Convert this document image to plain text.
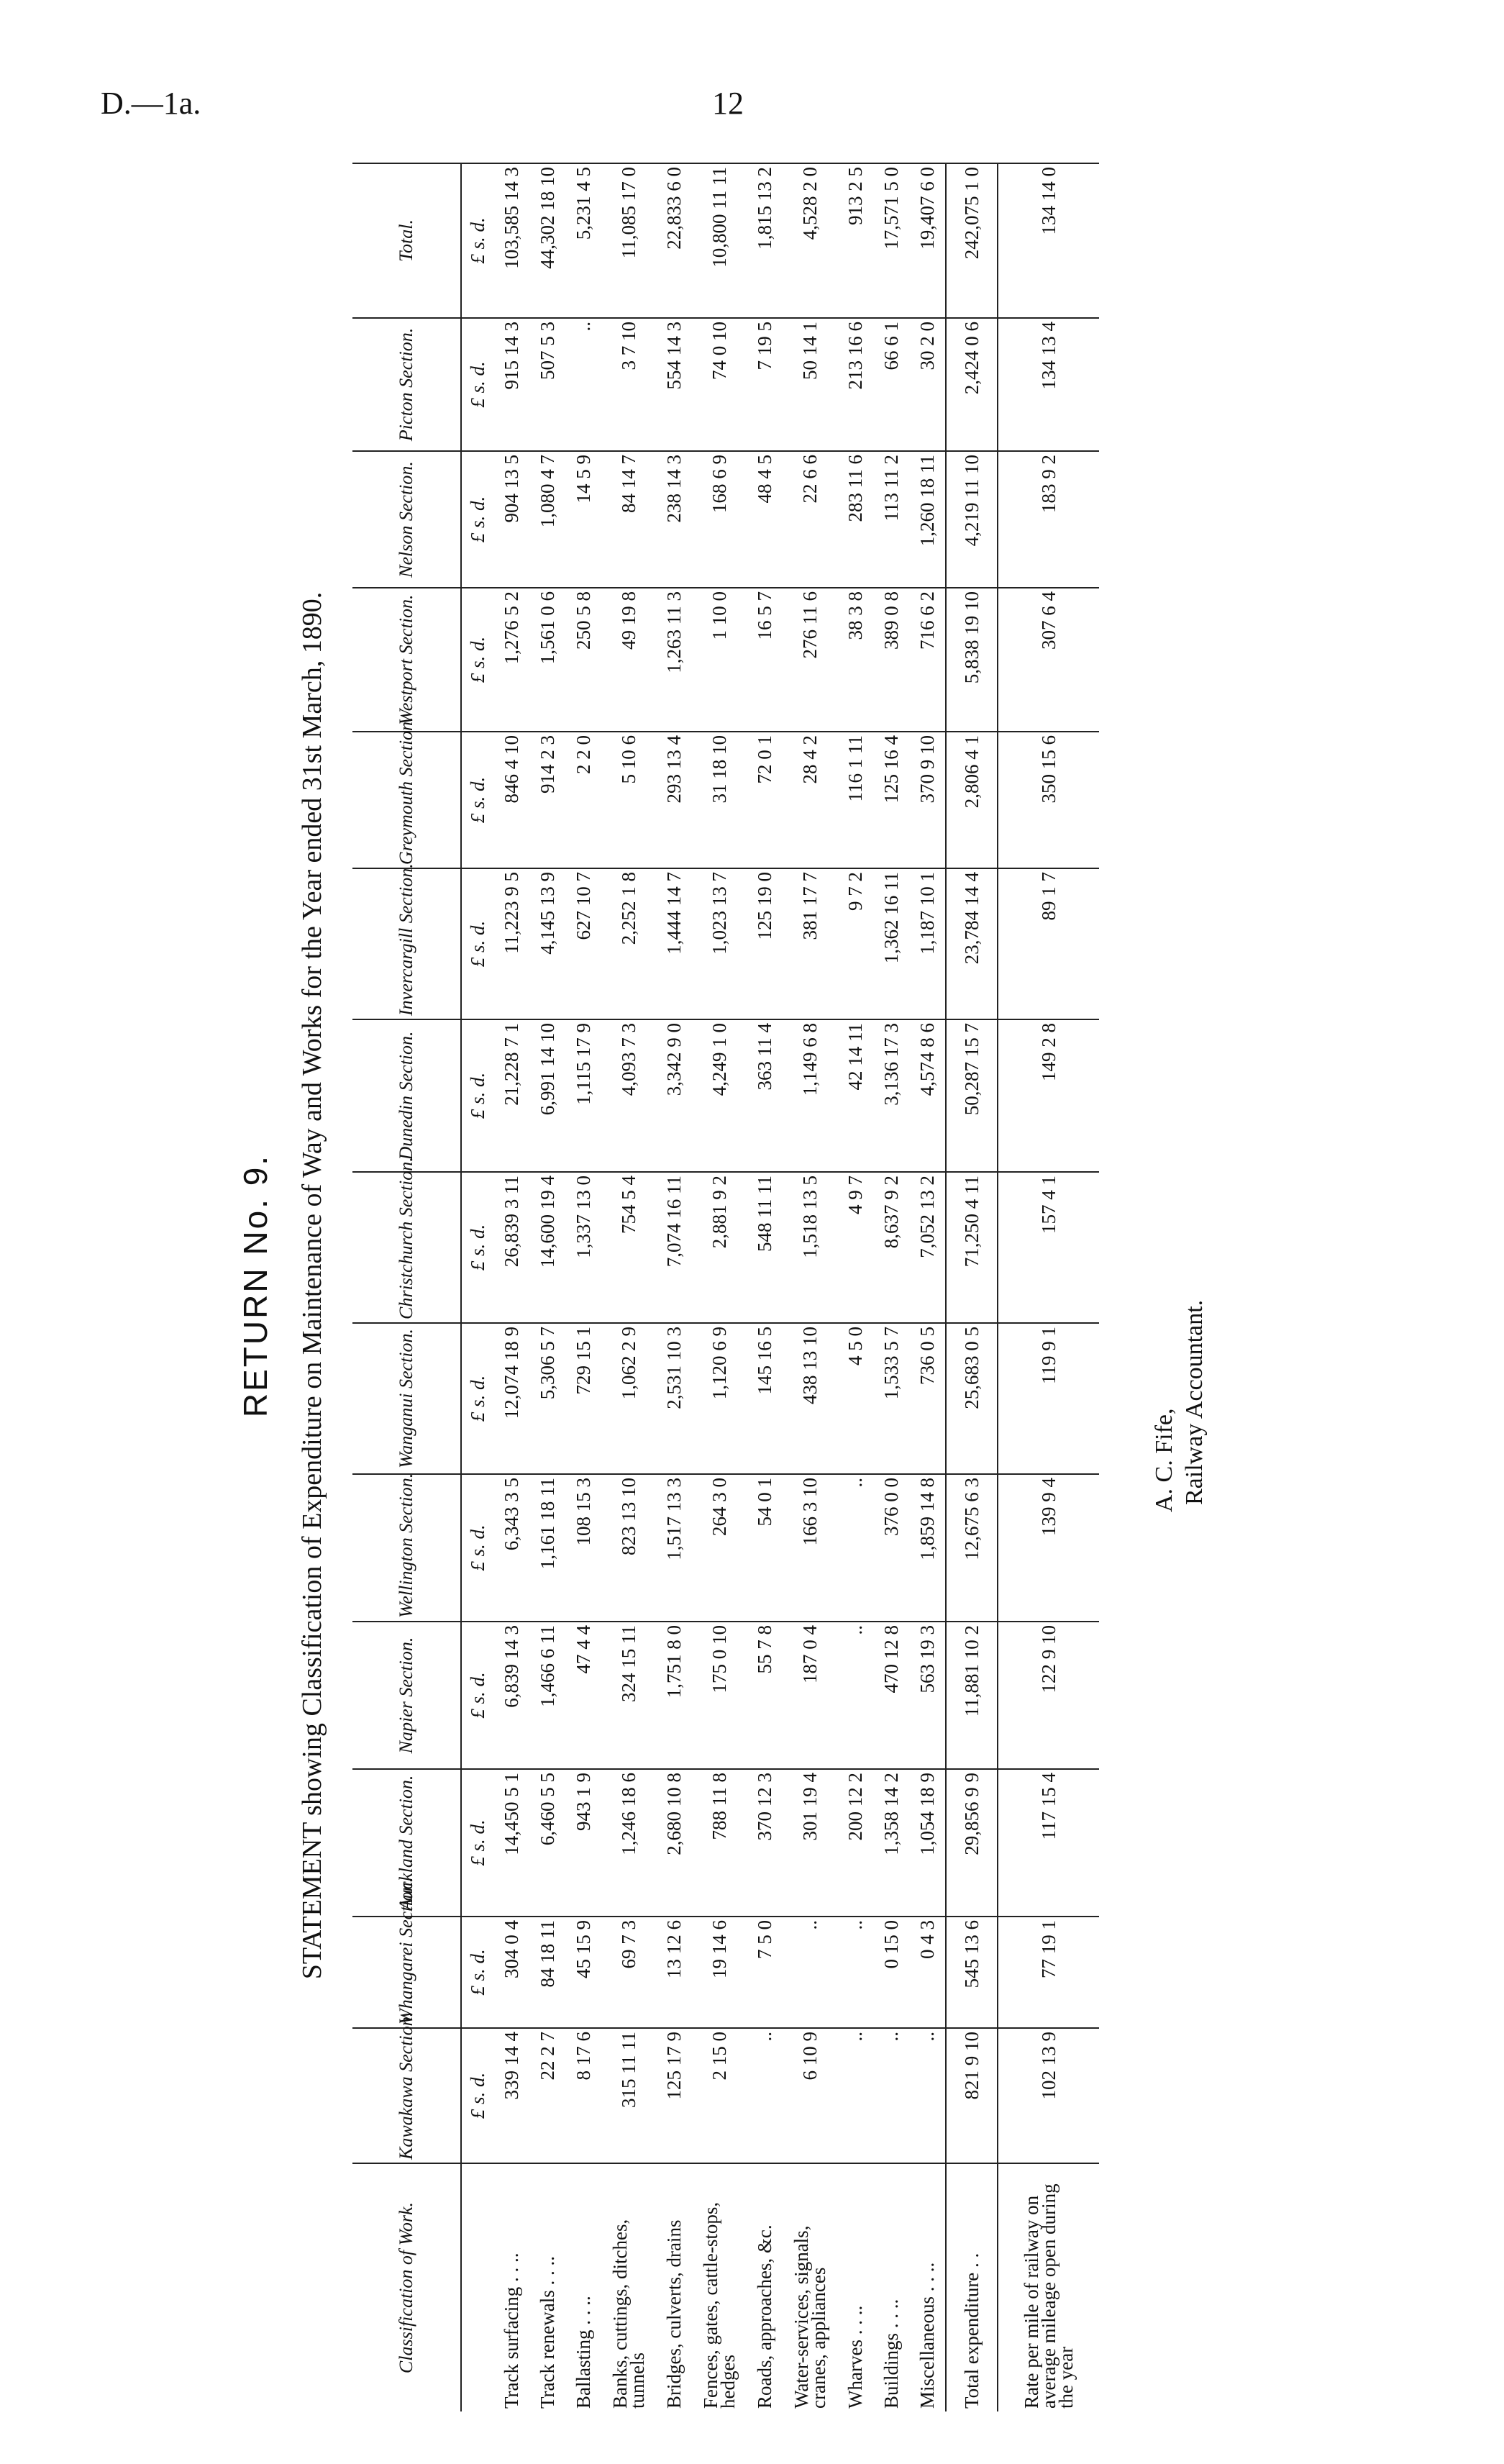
D.—1a.	12
RETURN No. 9. STATEMENT showing Classification of Expenditure on Maintenance of Way and Works for the Year ended 31st March, 1890.
Classification of Work.	Kawakawa Section.	Whangarei Section.	Auckland Section.	Napier Section.	Wellington Section.	Wanganui Section.	Christchurch Section.	Dunedin Section.	Invercargill Section.	Greymouth Section.	Westport Section.	Nelson Section.	Picton Section.	Total.
	£ s. d.	£ s. d.	£ s. d.	£ s. d.	£ s. d.	£ s. d.	£ s. d.	£ s. d.	£ s. d.	£ s. d.	£ s. d.	£ s. d.	£ s. d.	£ s. d.
Track surfacing . . ..	339 14 4	304 0 4	14,450 5 1	6,839 14 3	6,343 3 5	12,074 18 9	26,839 3 11	21,228 7 1	11,223 9 5	846 4 10	1,276 5 2	904 13 5	915 14 3	103,585 14 3
Track renewals . . ..	22 2 7	84 18 11	6,460 5 5	1,466 6 11	1,161 18 11	5,306 5 7	14,600 19 4	6,991 14 10	4,145 13 9	914 2 3	1,561 0 6	1,080 4 7	507 5 3	44,302 18 10
Ballasting . . ..	8 17 6	45 15 9	943 1 9	47 4 4	108 15 3	729 15 1	1,337 13 0	1,115 17 9	627 10 7	2 2 0	250 5 8	14 5 9	..	5,231 4 5
Banks, cuttings, ditches, tunnels	315 11 11	69 7 3	1,246 18 6	324 15 11	823 13 10	1,062 2 9	754 5 4	4,093 7 3	2,252 1 8	5 10 6	49 19 8	84 14 7	3 7 10	11,085 17 0
Bridges, culverts, drains	125 17 9	13 12 6	2,680 10 8	1,751 8 0	1,517 13 3	2,531 10 3	7,074 16 11	3,342 9 0	1,444 14 7	293 13 4	1,263 11 3	238 14 3	554 14 3	22,833 6 0
Fences, gates, cattle-stops, hedges	2 15 0	19 14 6	788 11 8	175 0 10	264 3 0	1,120 6 9	2,881 9 2	4,249 1 0	1,023 13 7	31 18 10	1 10 0	168 6 9	74 0 10	10,800 11 11
Roads, approaches, &c.	..	7 5 0	370 12 3	55 7 8	54 0 1	145 16 5	548 11 11	363 11 4	125 19 0	72 0 1	16 5 7	48 4 5	7 19 5	1,815 13 2
Water-services, signals, cranes, appliances	6 10 9	..	301 19 4	187 0 4	166 3 10	438 13 10	1,518 13 5	1,149 6 8	381 17 7	28 4 2	276 11 6	22 6 6	50 14 1	4,528 2 0
Wharves . . ..	..	..	200 12 2	..	..	4 5 0	4 9 7	42 14 11	9 7 2	116 1 11	38 3 8	283 11 6	213 16 6	913 2 5
Buildings . . ..	..	0 15 0	1,358 14 2	470 12 8	376 0 0	1,533 5 7	8,637 9 2	3,136 17 3	1,362 16 11	125 16 4	389 0 8	113 11 2	66 6 1	17,571 5 0
Miscellaneous . . ..	..	0 4 3	1,054 18 9	563 19 3	1,859 14 8	736 0 5	7,052 13 2	4,574 8 6	1,187 10 1	370 9 10	716 6 2	1,260 18 11	30 2 0	19,407 6 0
Total expenditure . .	821 9 10	545 13 6	29,856 9 9	11,881 10 2	12,675 6 3	25,683 0 5	71,250 4 11	50,287 15 7	23,784 14 4	2,806 4 1	5,838 19 10	4,219 11 10	2,424 0 6	242,075 1 0
Rate per mile of railway on average mileage open during the year	102 13 9	77 19 1	117 15 4	122 9 10	139 9 4	119 9 1	157 4 1	149 2 8	89 1 7	350 15 6	307 6 4	183 9 2	134 13 4	134 14 0
A. C. Fife, Railway Accountant.
